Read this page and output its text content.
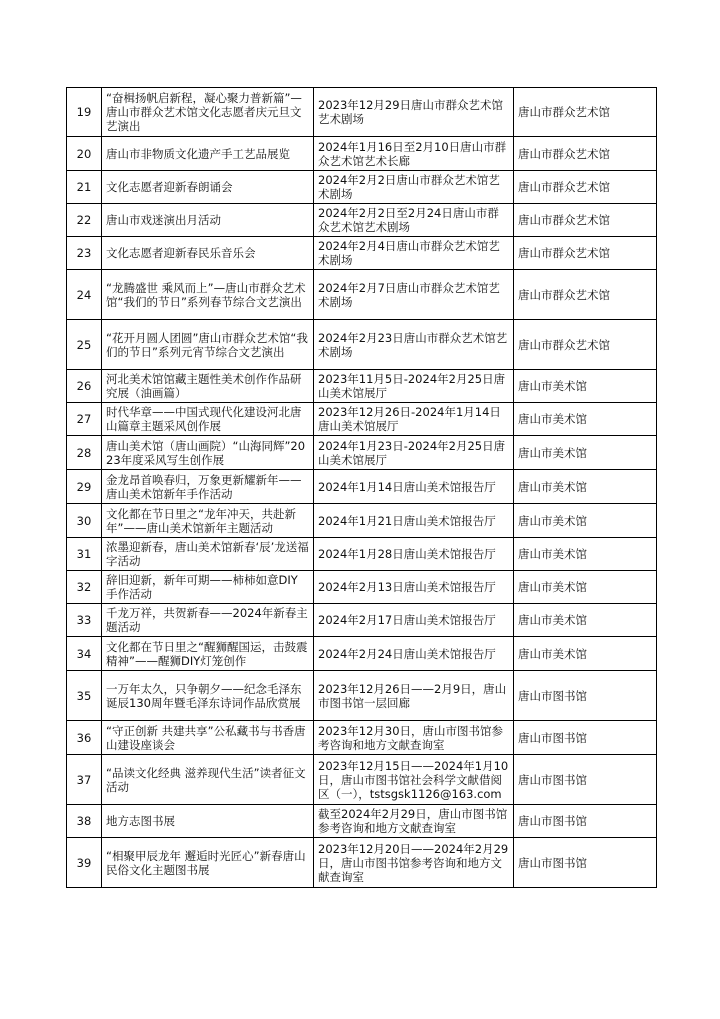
19	“奋楫扬帆启新程，凝心聚力普新篇”—唐山市群众艺术馆文化志愿者庆元旦文艺演出	2023年12月29日唐山市群众艺术馆艺术剧场	唐山市群众艺术馆
20	唐山市非物质文化遗产手工艺品展览	2024年1月16日至2月10日唐山市群众艺术馆艺术长廊	唐山市群众艺术馆
21	文化志愿者迎新春朗诵会	2024年2月2日唐山市群众艺术馆艺术剧场	唐山市群众艺术馆
22	唐山市戏迷演出月活动	2024年2月2日至2月24日唐山市群众艺术馆艺术剧场	唐山市群众艺术馆
23	文化志愿者迎新春民乐音乐会	2024年2月4日唐山市群众艺术馆艺术剧场	唐山市群众艺术馆
24	“龙腾盛世 乘风而上”—唐山市群众艺术馆“我们的节日”系列春节综合文艺演出	2024年2月7日唐山市群众艺术馆艺术剧场	唐山市群众艺术馆
25	“花开月圆人团圆”唐山市群众艺术馆“我们的节日”系列元宵节综合文艺演出	2024年2月23日唐山市群众艺术馆艺术剧场	唐山市群众艺术馆
26	河北美术馆馆藏主题性美术创作作品研究展（油画篇）	2023年11月5日-2024年2月25日唐山美术馆展厅	唐山市美术馆
27	时代华章——中国式现代化建设河北唐山篇章主题采风创作展	2023年12月26日-2024年1月14日唐山美术馆展厅	唐山市美术馆
28	唐山美术馆（唐山画院）“山海同辉”2023年度采风写生创作展	2024年1月23日-2024年2月25日唐山美术馆展厅	唐山市美术馆
29	金龙昂首唤春归，万象更新耀新年——唐山美术馆新年手作活动	2024年1月14日唐山美术馆报告厅	唐山市美术馆
30	文化都在节日里之“龙年冲天，共赴新年”——唐山美术馆新年主题活动	2024年1月21日唐山美术馆报告厅	唐山市美术馆
31	浓墨迎新春，唐山美术馆新春‘辰’龙送福字活动	2024年1月28日唐山美术馆报告厅	唐山市美术馆
32	辞旧迎新，新年可期——柿柿如意DIY手作活动	2024年2月13日唐山美术馆报告厅	唐山市美术馆
33	千龙万祥，共贺新春——2024年新春主题活动	2024年2月17日唐山美术馆报告厅	唐山市美术馆
34	文化都在节日里之“醒狮醒国运，击鼓震精神”——醒狮DIY灯笼创作	2024年2月24日唐山美术馆报告厅	唐山市美术馆
35	一万年太久，只争朝夕——纪念毛泽东诞辰130周年暨毛泽东诗词作品欣赏展	2023年12月26日——2月9日，唐山市图书馆一层回廊	唐山市图书馆
36	“守正创新 共建共享”公私藏书与书香唐山建设座谈会	2023年12月30日，唐山市图书馆参考咨询和地方文献查询室	唐山市图书馆
37	“品读文化经典 滋养现代生活”读者征文活动	2023年12月15日——2024年1月10日，唐山市图书馆社会科学文献借阅区（一），tstsgsk1126@163.com	唐山市图书馆
38	地方志图书展	截至2024年2月29日，唐山市图书馆参考咨询和地方文献查询室	唐山市图书馆
39	“相聚甲辰龙年 邂逅时光匠心”新春唐山民俗文化主题图书展	2023年12月20日——2024年2月29日，唐山市图书馆参考咨询和地方文献查询室	唐山市图书馆
